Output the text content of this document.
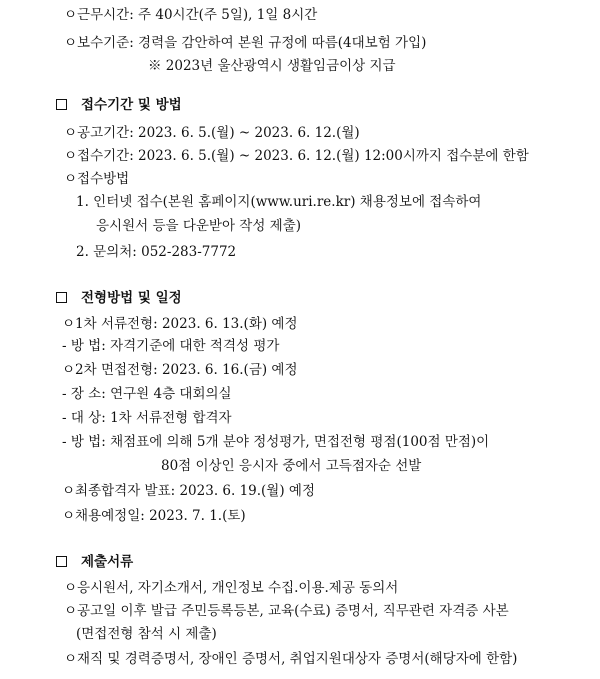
ㅇ근무시간: 주 40시간(주 5일), 1일 8시간
ㅇ보수기준: 경력을 감안하여 본원 규정에 따름(4대보험 가입)
※ 2023년 울산광역시 생활임금이상 지급
접수기간 및 방법
ㅇ공고기간: 2023. 6. 5.(월) ~ 2023. 6. 12.(월)
ㅇ접수기간: 2023. 6. 5.(월) ~ 2023. 6. 12.(월) 12:00시까지 접수분에 한함
ㅇ접수방법
1. 인터넷 접수(본원 홈페이지(www.uri.re.kr) 채용정보에 접속하여
응시원서 등을 다운받아 작성 제출)
2. 문의처: 052-283-7772
전형방법 및 일정
ㅇ1차 서류전형: 2023. 6. 13.(화) 예정
- 방 법: 자격기준에 대한 적격성 평가
ㅇ2차 면접전형: 2023. 6. 16.(금) 예정
- 장 소: 연구원 4층 대회의실
- 대 상: 1차 서류전형 합격자
- 방 법: 채점표에 의해 5개 분야 정성평가, 면접전형 평점(100점 만점)이
80점 이상인 응시자 중에서 고득점자순 선발
ㅇ최종합격자 발표: 2023. 6. 19.(월) 예정
ㅇ채용예정일: 2023. 7. 1.(토)
제출서류
ㅇ응시원서, 자기소개서, 개인정보 수집.이용.제공 동의서
ㅇ공고일 이후 발급 주민등록등본, 교육(수료) 증명서, 직무관련 자격증 사본
(면접전형 참석 시 제출)
ㅇ재직 및 경력증명서, 장애인 증명서, 취업지원대상자 증명서(해당자에 한함)
